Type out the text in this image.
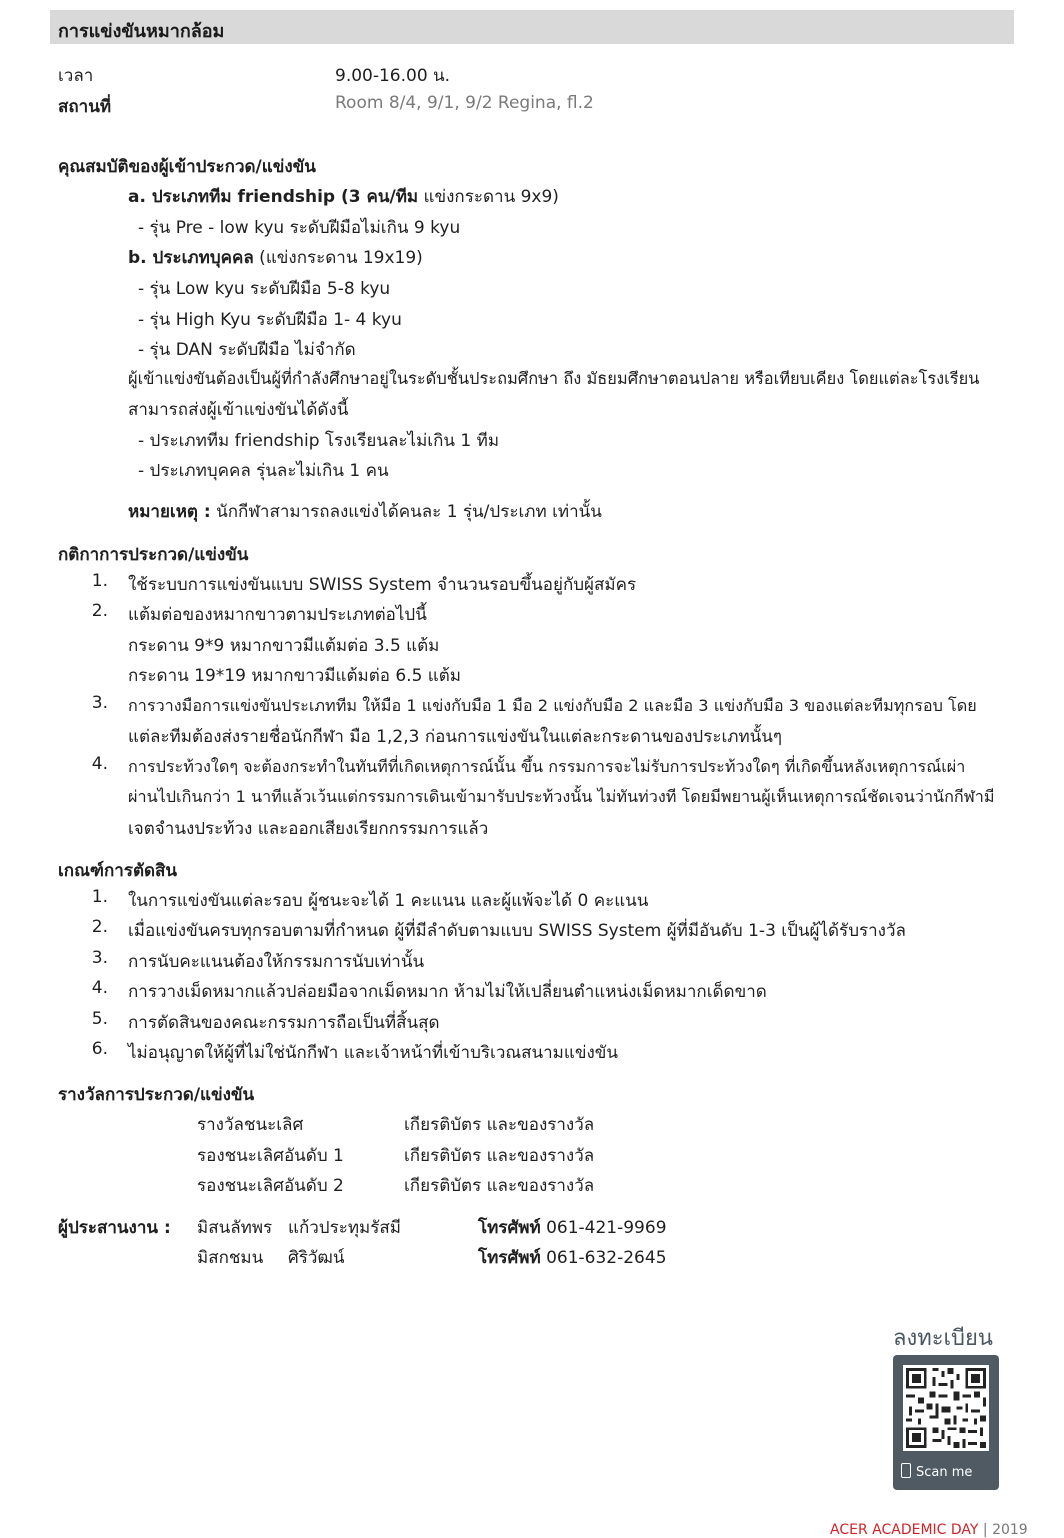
การแข่งขันหมากล้อม
เวลา	9.00-16.00 น.
สถานที่	Room 8/4, 9/1, 9/2 Regina, fl.2
คุณสมบัติของผู้เข้าประกวด/แข่งขัน
a. ประเภททีม friendship (3 คน/ทีม แข่งกระดาน 9x9)
- รุ่น Pre - low kyu ระดับฝีมือไม่เกิน 9 kyu
b. ประเภทบุคคล (แข่งกระดาน 19x19)
- รุ่น Low kyu ระดับฝีมือ 5-8 kyu
- รุ่น High Kyu ระดับฝีมือ 1- 4 kyu
- รุ่น DAN ระดับฝีมือ ไม่จำกัด
ผู้เข้าแข่งขันต้องเป็นผู้ที่กำลังศึกษาอยู่ในระดับชั้นประถมศึกษา ถึง มัธยมศึกษาตอนปลาย หรือเทียบเคียง โดยแต่ละโรงเรียน
สามารถส่งผู้เข้าแข่งขันได้ดังนี้
- ประเภททีม friendship โรงเรียนละไม่เกิน 1 ทีม
- ประเภทบุคคล รุ่นละไม่เกิน 1 คน
หมายเหตุ : นักกีฬาสามารถลงแข่งได้คนละ 1 รุ่น/ประเภท เท่านั้น
กติกาการประกวด/แข่งขัน
1. ใช้ระบบการแข่งขันแบบ SWISS System จำนวนรอบขึ้นอยู่กับผู้สมัคร
2. แต้มต่อของหมากขาวตามประเภทต่อไปนี้
กระดาน 9*9 หมากขาวมีแต้มต่อ 3.5 แต้ม
กระดาน 19*19 หมากขาวมีแต้มต่อ 6.5 แต้ม
3. การวางมือการแข่งขันประเภททีม ให้มือ 1 แข่งกับมือ 1 มือ 2 แข่งกับมือ 2 และมือ 3 แข่งกับมือ 3 ของแต่ละทีมทุกรอบ โดย
แต่ละทีมต้องส่งรายชื่อนักกีฬา มือ 1,2,3 ก่อนการแข่งขันในแต่ละกระดานของประเภทนั้นๆ
4. การประท้วงใดๆ จะต้องกระทำในทันทีที่เกิดเหตุการณ์นั้น ขึ้น กรรมการจะไม่รับการประท้วงใดๆ ที่เกิดขึ้นหลังเหตุการณ์เผ่า
ผ่านไปเกินกว่า 1 นาทีแล้วเว้นแต่กรรมการเดินเข้ามารับประท้วงนั้น ไม่ทันท่วงที โดยมีพยานผู้เห็นเหตุการณ์ชัดเจนว่านักกีฬามี
เจตจำนงประท้วง และออกเสียงเรียกกรรมการแล้ว
เกณฑ์การตัดสิน
1. ในการแข่งขันแต่ละรอบ ผู้ชนะจะได้ 1 คะแนน และผู้แพ้จะได้ 0 คะแนน
2. เมื่อแข่งขันครบทุกรอบตามที่กำหนด ผู้ที่มีลำดับตามแบบ SWISS System ผู้ที่มีอันดับ 1-3 เป็นผู้ได้รับรางวัล
3. การนับคะแนนต้องให้กรรมการนับเท่านั้น
4. การวางเม็ดหมากแล้วปล่อยมือจากเม็ดหมาก ห้ามไม่ให้เปลี่ยนตำแหน่งเม็ดหมากเด็ดขาด
5. การตัดสินของคณะกรรมการถือเป็นที่สิ้นสุด
6. ไม่อนุญาตให้ผู้ที่ไม่ใช่นักกีฬา และเจ้าหน้าที่เข้าบริเวณสนามแข่งขัน
รางวัลการประกวด/แข่งขัน
รางวัลชนะเลิศ	เกียรติบัตร และของรางวัล
รองชนะเลิศอันดับ 1	เกียรติบัตร และของรางวัล
รองชนะเลิศอันดับ 2	เกียรติบัตร และของรางวัล
ผู้ประสานงาน : มิสนลัทพร แก้วประทุมรัสมี	โทรศัพท์ 061-421-9969
มิสกชมน ศิริวัฒน์	โทรศัพท์ 061-632-2645
ลงทะเบียน
Scan me
ACER ACADEMIC DAY | 2019
